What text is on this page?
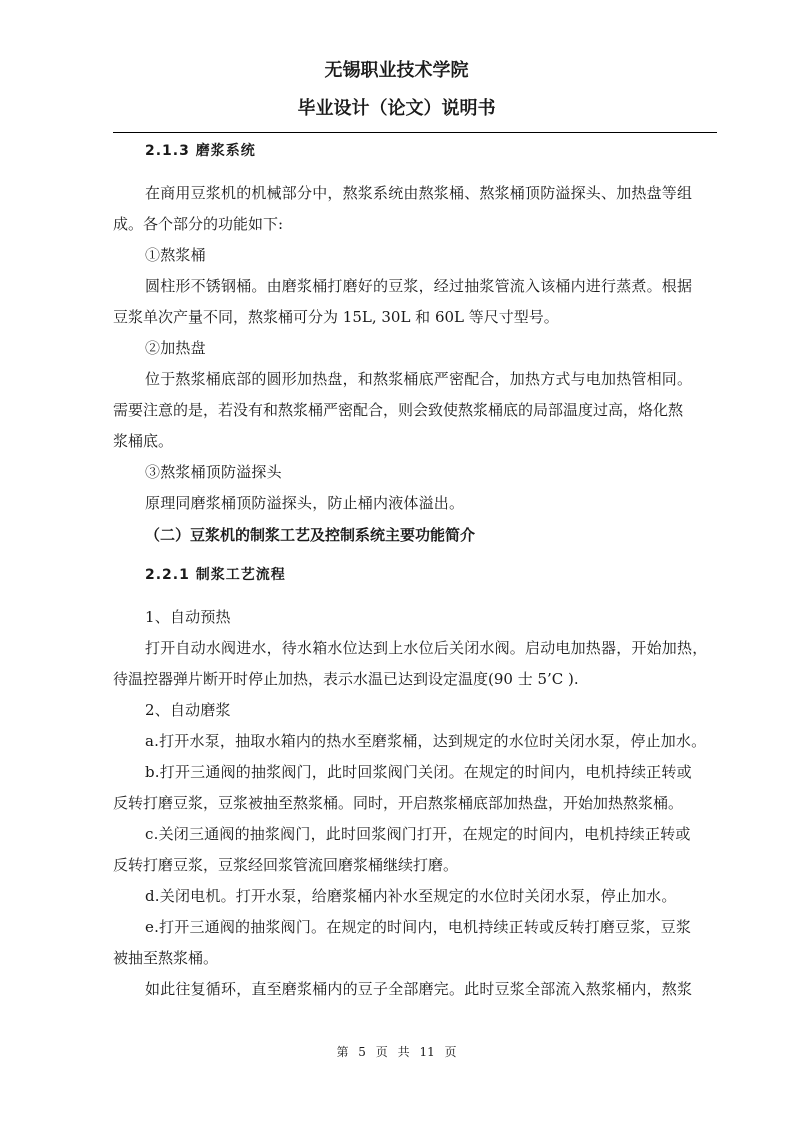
无锡职业技术学院
毕业设计（论文）说明书
2.1.3 磨浆系统

在商用豆浆机的机械部分中，熬浆系统由熬浆桶、熬浆桶顶防溢探头、加热盘等组

成。各个部分的功能如下:

①熬浆桶

圆柱形不锈钢桶。由磨浆桶打磨好的豆浆，经过抽浆管流入该桶内进行蒸煮。根据

豆浆单次产量不同，熬浆桶可分为 15L, 30L 和 60L 等尺寸型号。

②加热盘

位于熬浆桶底部的圆形加热盘，和熬浆桶底严密配合，加热方式与电加热管相同。

需要注意的是，若没有和熬浆桶严密配合，则会致使熬浆桶底的局部温度过高，烙化熬

浆桶底。

③熬浆桶顶防溢探头

原理同磨浆桶顶防溢探头，防止桶内液体溢出。

（二）豆浆机的制浆工艺及控制系统主要功能简介
2.2.1 制浆工艺流程

1、自动预热

打开自动水阀进水，待水箱水位达到上水位后关闭水阀。启动电加热器，开始加热，

待温控器弹片断开时停止加热，表示水温已达到设定温度(90 士 5’C ).

2、自动磨浆

a.打开水泵，抽取水箱内的热水至磨浆桶，达到规定的水位时关闭水泵，停止加水。

b.打开三通阀的抽浆阀门，此时回浆阀门关闭。在规定的时间内，电机持续正转或

反转打磨豆浆，豆浆被抽至熬浆桶。同时，开启熬浆桶底部加热盘，开始加热熬浆桶。

c.关闭三通阀的抽浆阀门，此时回浆阀门打开，在规定的时间内，电机持续正转或

反转打磨豆浆，豆浆经回浆管流回磨浆桶继续打磨。

d.关闭电机。打开水泵，给磨浆桶内补水至规定的水位时关闭水泵，停止加水。

e.打开三通阀的抽浆阀门。在规定的时间内，电机持续正转或反转打磨豆浆，豆浆

被抽至熬浆桶。

如此往复循环，直至磨浆桶内的豆子全部磨完。此时豆浆全部流入熬浆桶内，熬浆

第 5 页 共 11 页
